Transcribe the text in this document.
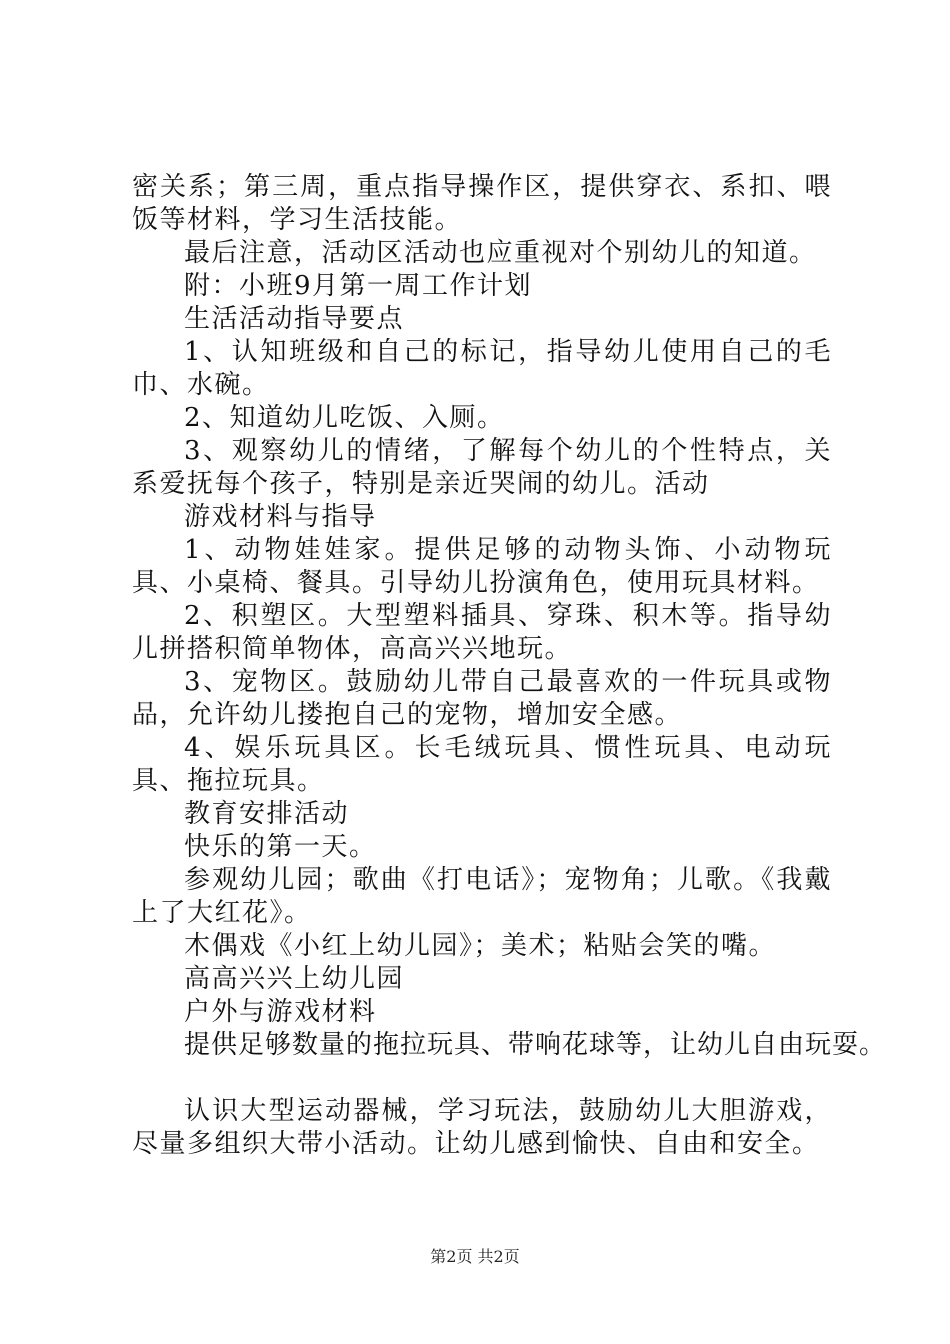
密关系；第三周，重点指导操作区，提供穿衣、系扣、喂饭等材料，学习生活技能。

最后注意，活动区活动也应重视对个别幼儿的知道。

附：小班9月第一周工作计划

生活活动指导要点

1、认知班级和自己的标记，指导幼儿使用自己的毛巾、水碗。

2、知道幼儿吃饭、入厕。

3、观察幼儿的情绪，了解每个幼儿的个性特点，关系爱抚每个孩子，特别是亲近哭闹的幼儿。活动

游戏材料与指导

1、动物娃娃家。提供足够的动物头饰、小动物玩具、小桌椅、餐具。引导幼儿扮演角色，使用玩具材料。

2、积塑区。大型塑料插具、穿珠、积木等。指导幼儿拼搭积简单物体，高高兴兴地玩。

3、宠物区。鼓励幼儿带自己最喜欢的一件玩具或物品，允许幼儿搂抱自己的宠物，增加安全感。

4、娱乐玩具区。长毛绒玩具、惯性玩具、电动玩具、拖拉玩具。

教育安排活动

快乐的第一天。

参观幼儿园；歌曲《打电话》；宠物角；儿歌。《我戴上了大红花》。

木偶戏《小红上幼儿园》；美术；粘贴会笑的嘴。

高高兴兴上幼儿园

户外与游戏材料

提供足够数量的拖拉玩具、带响花球等，让幼儿自由玩耍。

认识大型运动器械，学习玩法，鼓励幼儿大胆游戏，尽量多组织大带小活动。让幼儿感到愉快、自由和安全。

第2页 共2页
